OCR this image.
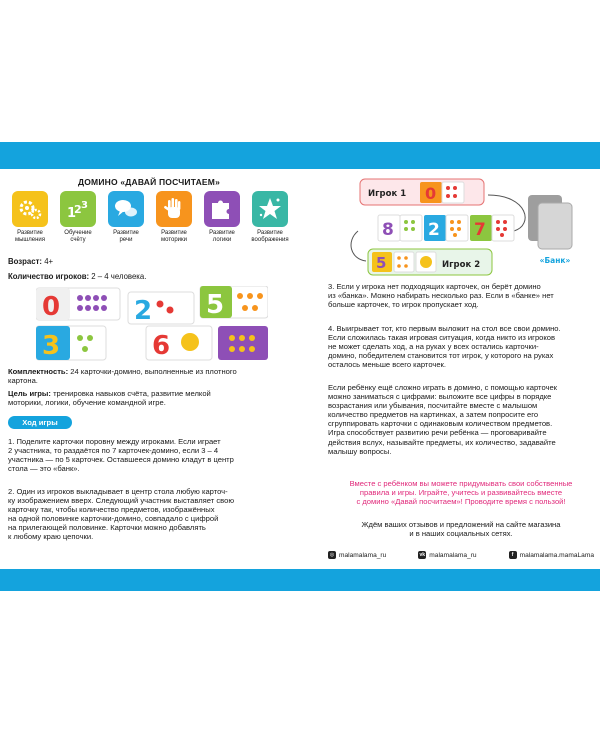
ДОМИНО «ДАВАЙ ПОСЧИТАЕМ»
Развитие
мышления
1
2 3
Обучение
счёту
Развитие
речи
Развитие
моторики
Развитие
логики
Развитие
воображения
Возраст: 4+
Количество игроков: 2 – 4 человека.
0	2 5
3	6
Комплектность: 24 карточки-домино, выполненные из плотного
картона.
Цель игры: тренировка навыков счёта, развитие мелкой
моторики, логики, обучение командной игре.
Ход игры
1. Поделите карточки поровну между игроками. Если играет
2 участника, то раздаётся по 7 карточек-домино, если 3 – 4
участника — по 5 карточек. Оставшееся домино кладут в центр
стола — это «банк».
2. Один из игроков выкладывает в центр стола любую карточ-
ку изображением вверх. Следующий участник выставляет свою
карточку так, чтобы количество предметов, изображённых
на одной половинке карточки-домино, совпадало с цифрой
на прилегающей половинке. Карточки можно добавлять
к любому краю цепочки.
Игрок 1 0
8 2 7
5	Игрок 2	«Банк»
3. Если у игрока нет подходящих карточек, он берёт домино
из «банка». Можно набирать несколько раз. Если в «банке» нет
больше карточек, то игрок пропускает ход.
4. Выигрывает тот, кто первым выложит на стол все свои домино.
Если сложилась такая игровая ситуация, когда никто из игроков
не может сделать ход, а на руках у всех остались карточки-
домино, победителем становится тот игрок, у которого на руках
осталось меньше всего карточек.
Если ребёнку ещё сложно играть в домино, с помощью карточек
можно заниматься с цифрами: выложите все цифры в порядке
возрастания или убывания, посчитайте вместе с малышом
количество предметов на картинках, а затем попросите его
сгруппировать карточки с одинаковым количеством предметов.
Игра способствует развитию речи ребёнка — проговаривайте
действия вслух, называйте предметы, их количество, задавайте
малышу вопросы.
Вместе с ребёнком вы можете придумывать свои собственные
правила и игры. Играйте, учитесь и развивайтесь вместе
с домино «Давай посчитаем»! Проводите время с пользой!
Ждём ваших отзывов и предложений на сайте магазина
и в наших социальных сетях.
◎ malamalama_ru	vk malamalama_ru	f malamalama.mamaLama
